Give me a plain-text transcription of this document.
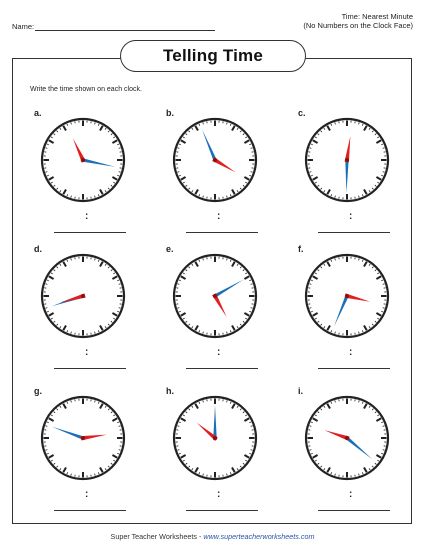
Name:
Time: Nearest Minute
(No Numbers on the Clock Face)
Telling Time
Write the time shown on each clock.
a.
:
b.
:
c.
:
d.
:
e.
:
f.
:
g.
:
h.
:
i.
:
Super Teacher Worksheets - www.superteacherworksheets.com
